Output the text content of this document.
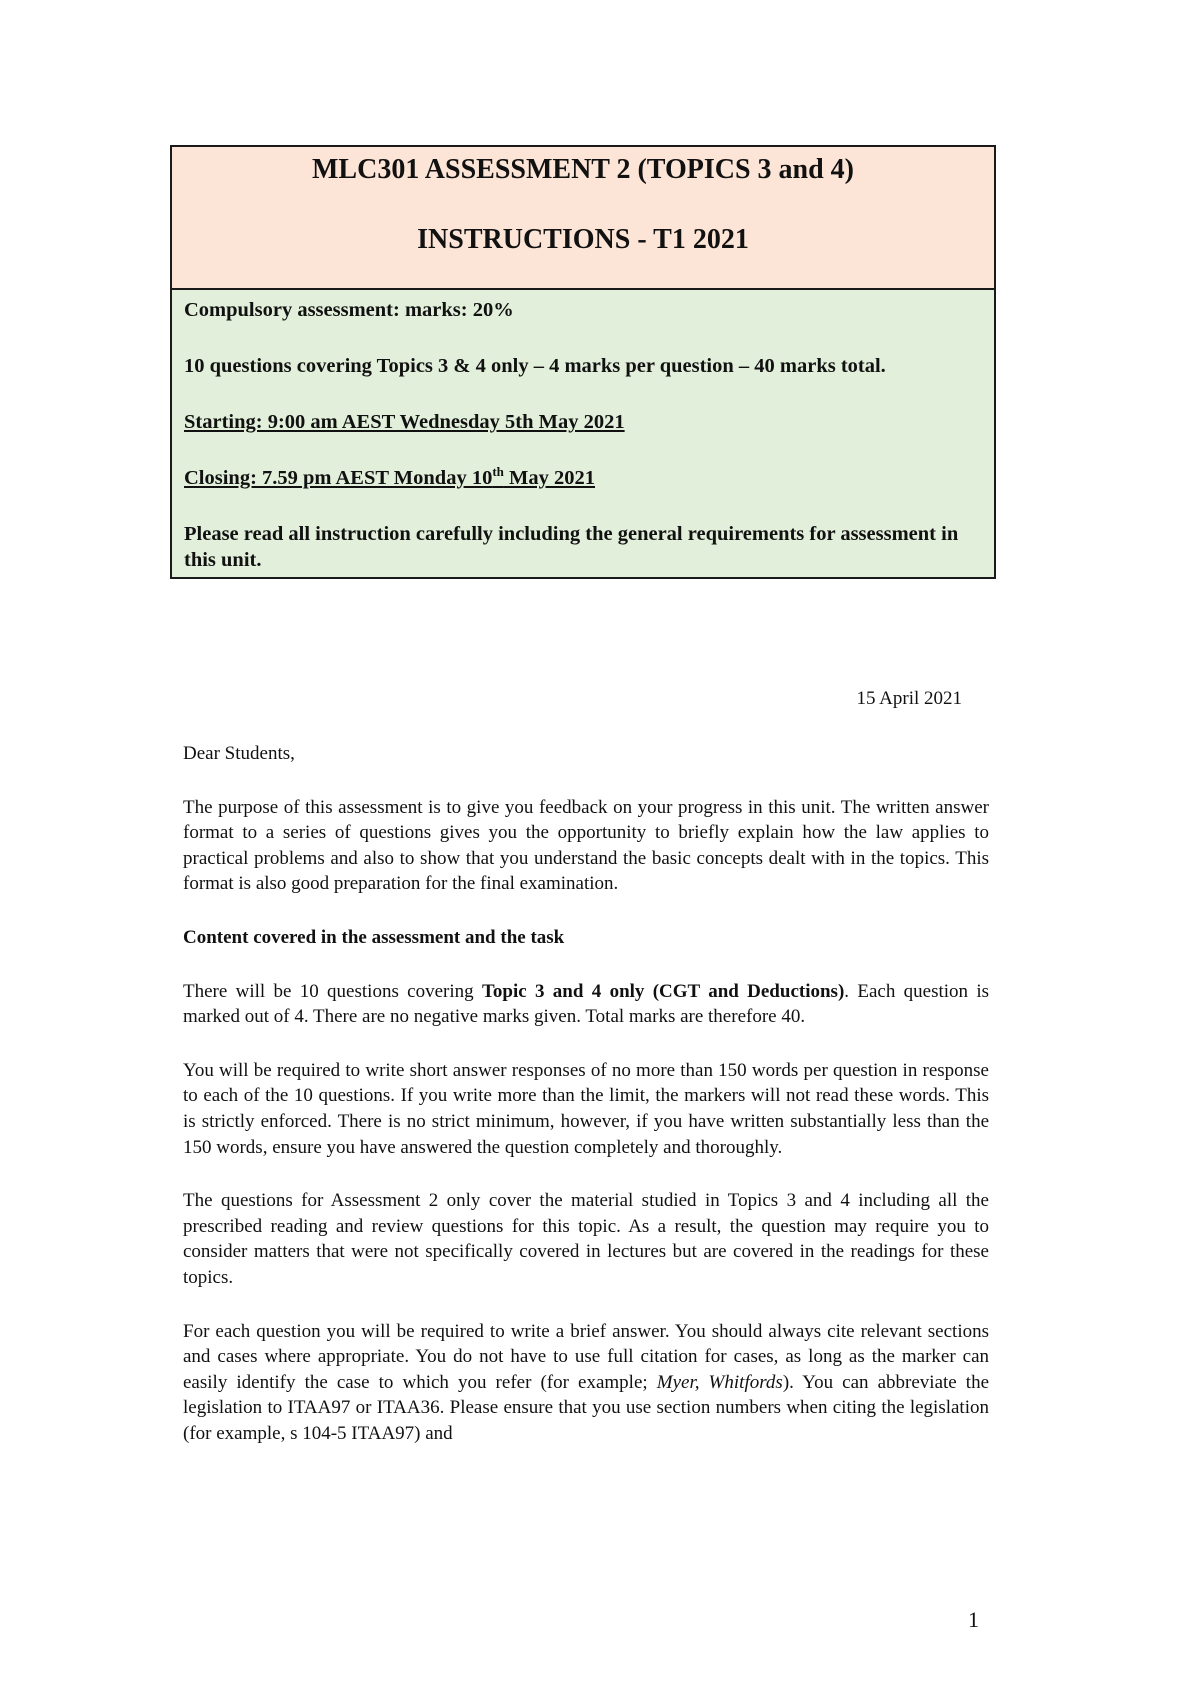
MLC301 ASSESSMENT 2 (TOPICS 3 and 4)

INSTRUCTIONS - T1 2021

Compulsory assessment: marks: 20%

10 questions covering Topics 3 & 4 only – 4 marks per question – 40 marks total.

Starting: 9:00 am AEST Wednesday 5th May 2021

Closing: 7.59 pm AEST Monday 10th May 2021

Please read all instruction carefully including the general requirements for assessment in this unit.

15 April 2021

Dear Students,

The purpose of this assessment is to give you feedback on your progress in this unit. The written answer format to a series of questions gives you the opportunity to briefly explain how the law applies to practical problems and also to show that you understand the basic concepts dealt with in the topics. This format is also good preparation for the final examination.

Content covered in the assessment and the task

There will be 10 questions covering Topic 3 and 4 only (CGT and Deductions). Each question is marked out of 4. There are no negative marks given. Total marks are therefore 40.

You will be required to write short answer responses of no more than 150 words per question in response to each of the 10 questions. If you write more than the limit, the markers will not read these words. This is strictly enforced. There is no strict minimum, however, if you have written substantially less than the 150 words, ensure you have answered the question completely and thoroughly.

The questions for Assessment 2 only cover the material studied in Topics 3 and 4 including all the prescribed reading and review questions for this topic. As a result, the question may require you to consider matters that were not specifically covered in lectures but are covered in the readings for these topics.

For each question you will be required to write a brief answer. You should always cite relevant sections and cases where appropriate. You do not have to use full citation for cases, as long as the marker can easily identify the case to which you refer (for example; Myer, Whitfords). You can abbreviate the legislation to ITAA97 or ITAA36. Please ensure that you use section numbers when citing the legislation (for example, s 104-5 ITAA97) and

1
